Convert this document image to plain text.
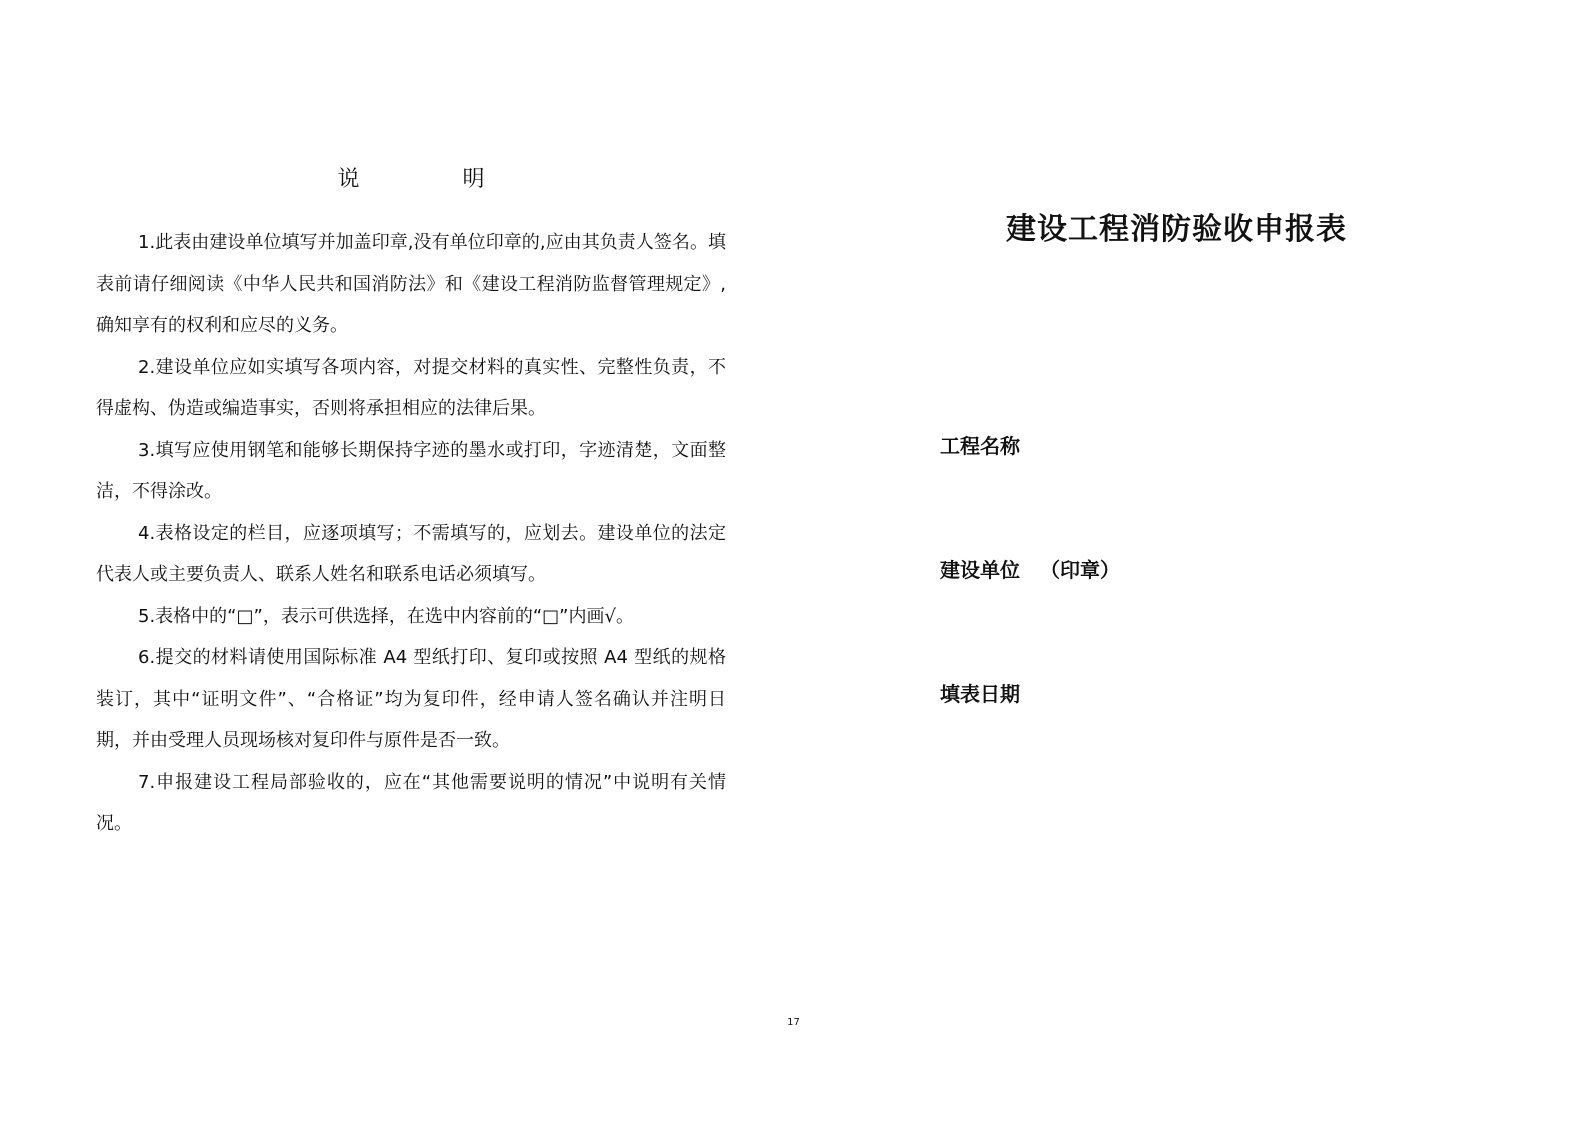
说 明

1.此表由建设单位填写并加盖印章,没有单位印章的,应由其负责人签名。填表前请仔细阅读《中华人民共和国消防法》和《建设工程消防监督管理规定》,确知享有的权利和应尽的义务。

2.建设单位应如实填写各项内容，对提交材料的真实性、完整性负责，不得虚构、伪造或编造事实，否则将承担相应的法律后果。

3.填写应使用钢笔和能够长期保持字迹的墨水或打印，字迹清楚，文面整洁，不得涂改。

4.表格设定的栏目，应逐项填写；不需填写的，应划去。建设单位的法定代表人或主要负责人、联系人姓名和联系电话必须填写。

5.表格中的“□”，表示可供选择，在选中内容前的“□”内画√。

6.提交的材料请使用国际标准 A4 型纸打印、复印或按照 A4 型纸的规格装订，其中“证明文件”、“合格证”均为复印件，经申请人签名确认并注明日期，并由受理人员现场核对复印件与原件是否一致。

7.申报建设工程局部验收的，应在“其他需要说明的情况”中说明有关情况。

建设工程消防验收申报表
工程名称
建设单位 （印章）
填表日期
17
